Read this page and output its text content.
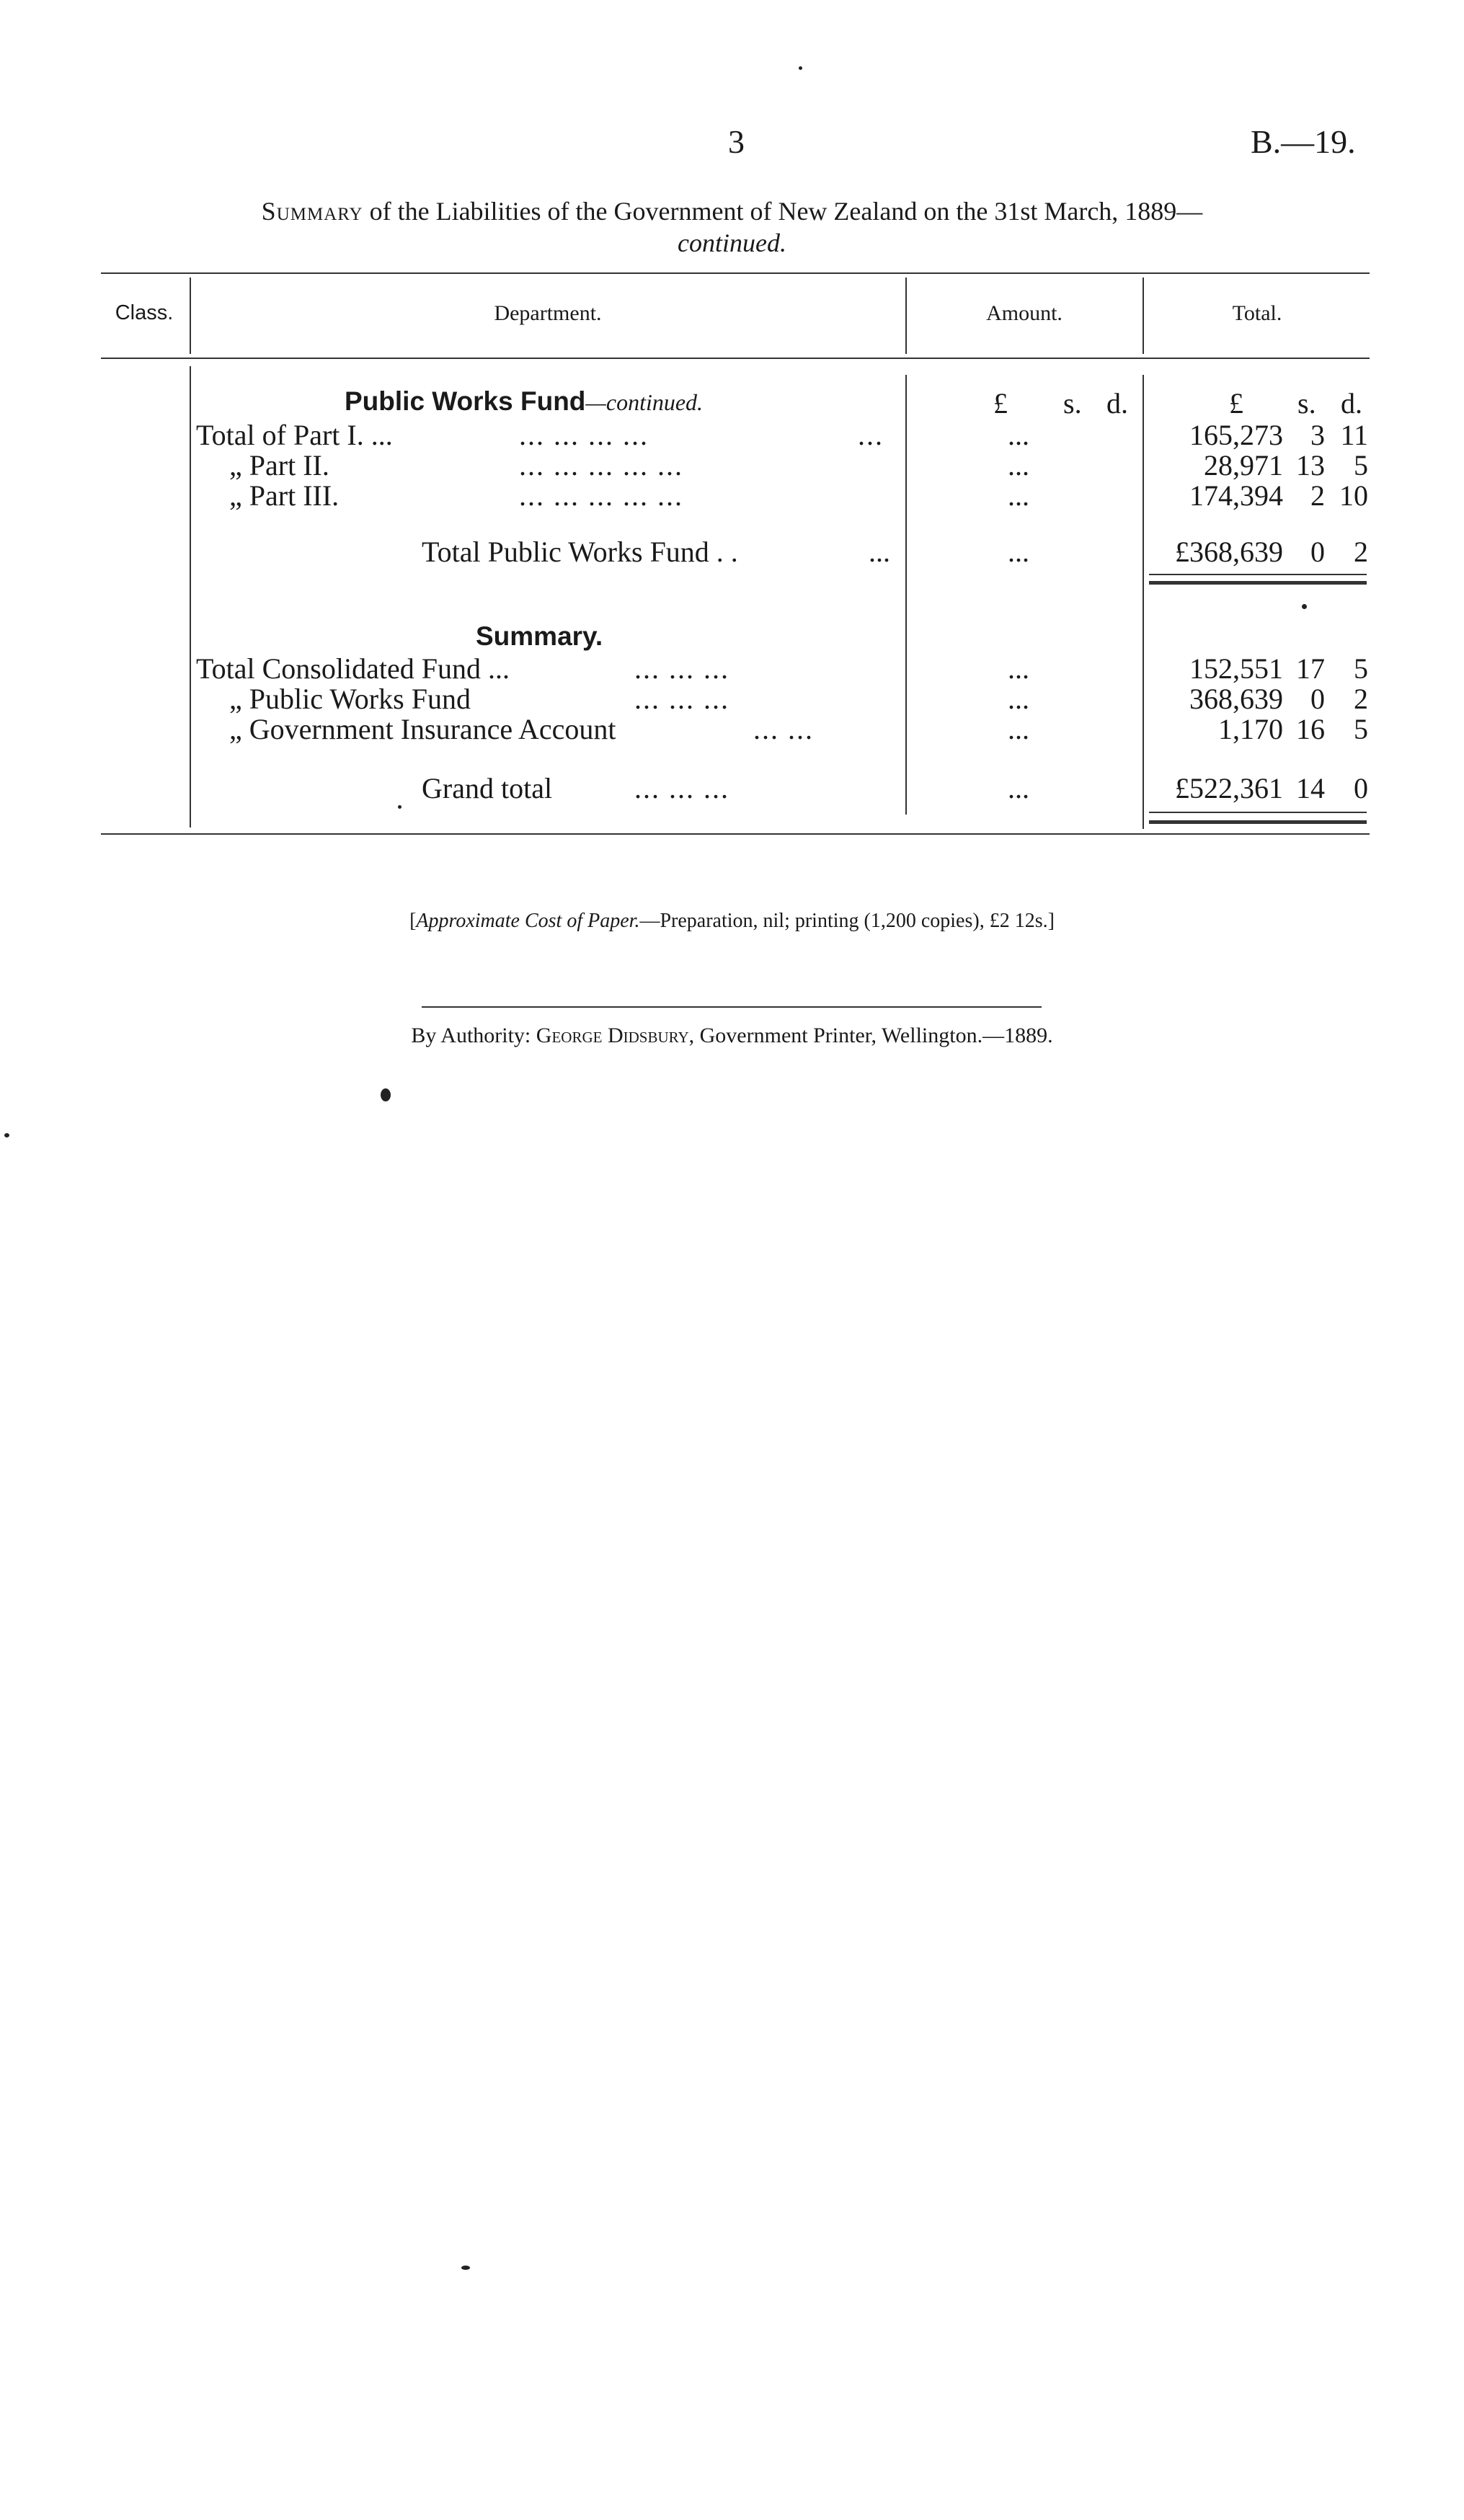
3	B.—19.
Summary of the Liabilities of the Government of New Zealand on the 31st March, 1889—
continued.
Class.	Department.	Amount.	Total.
Public Works Fund—continued.	£ s. d.	£ s. d.
Total of Part I. ...	... ... ... ...	...	...	165,273 3 11
„ Part II.	... ... ... ... ...	...	28,971 13 5
„ Part III.	... ... ... ... ...	...	174,394 2 10
Total Public Works Fund . .	...	...	£368,639 0 2
Summary.
Total Consolidated Fund ...	... ... ...	...	152,551 17 5
„ Public Works Fund	... ... ...	...	368,639 0 2
„ Government Insurance Account	... ...	...	1,170 16 5
Grand total	... ... ...	...	£522,361 14 0
[Approximate Cost of Paper.—Preparation, nil; printing (1,200 copies), £2 12s.]
By Authority: George Didsbury, Government Printer, Wellington.—1889.
